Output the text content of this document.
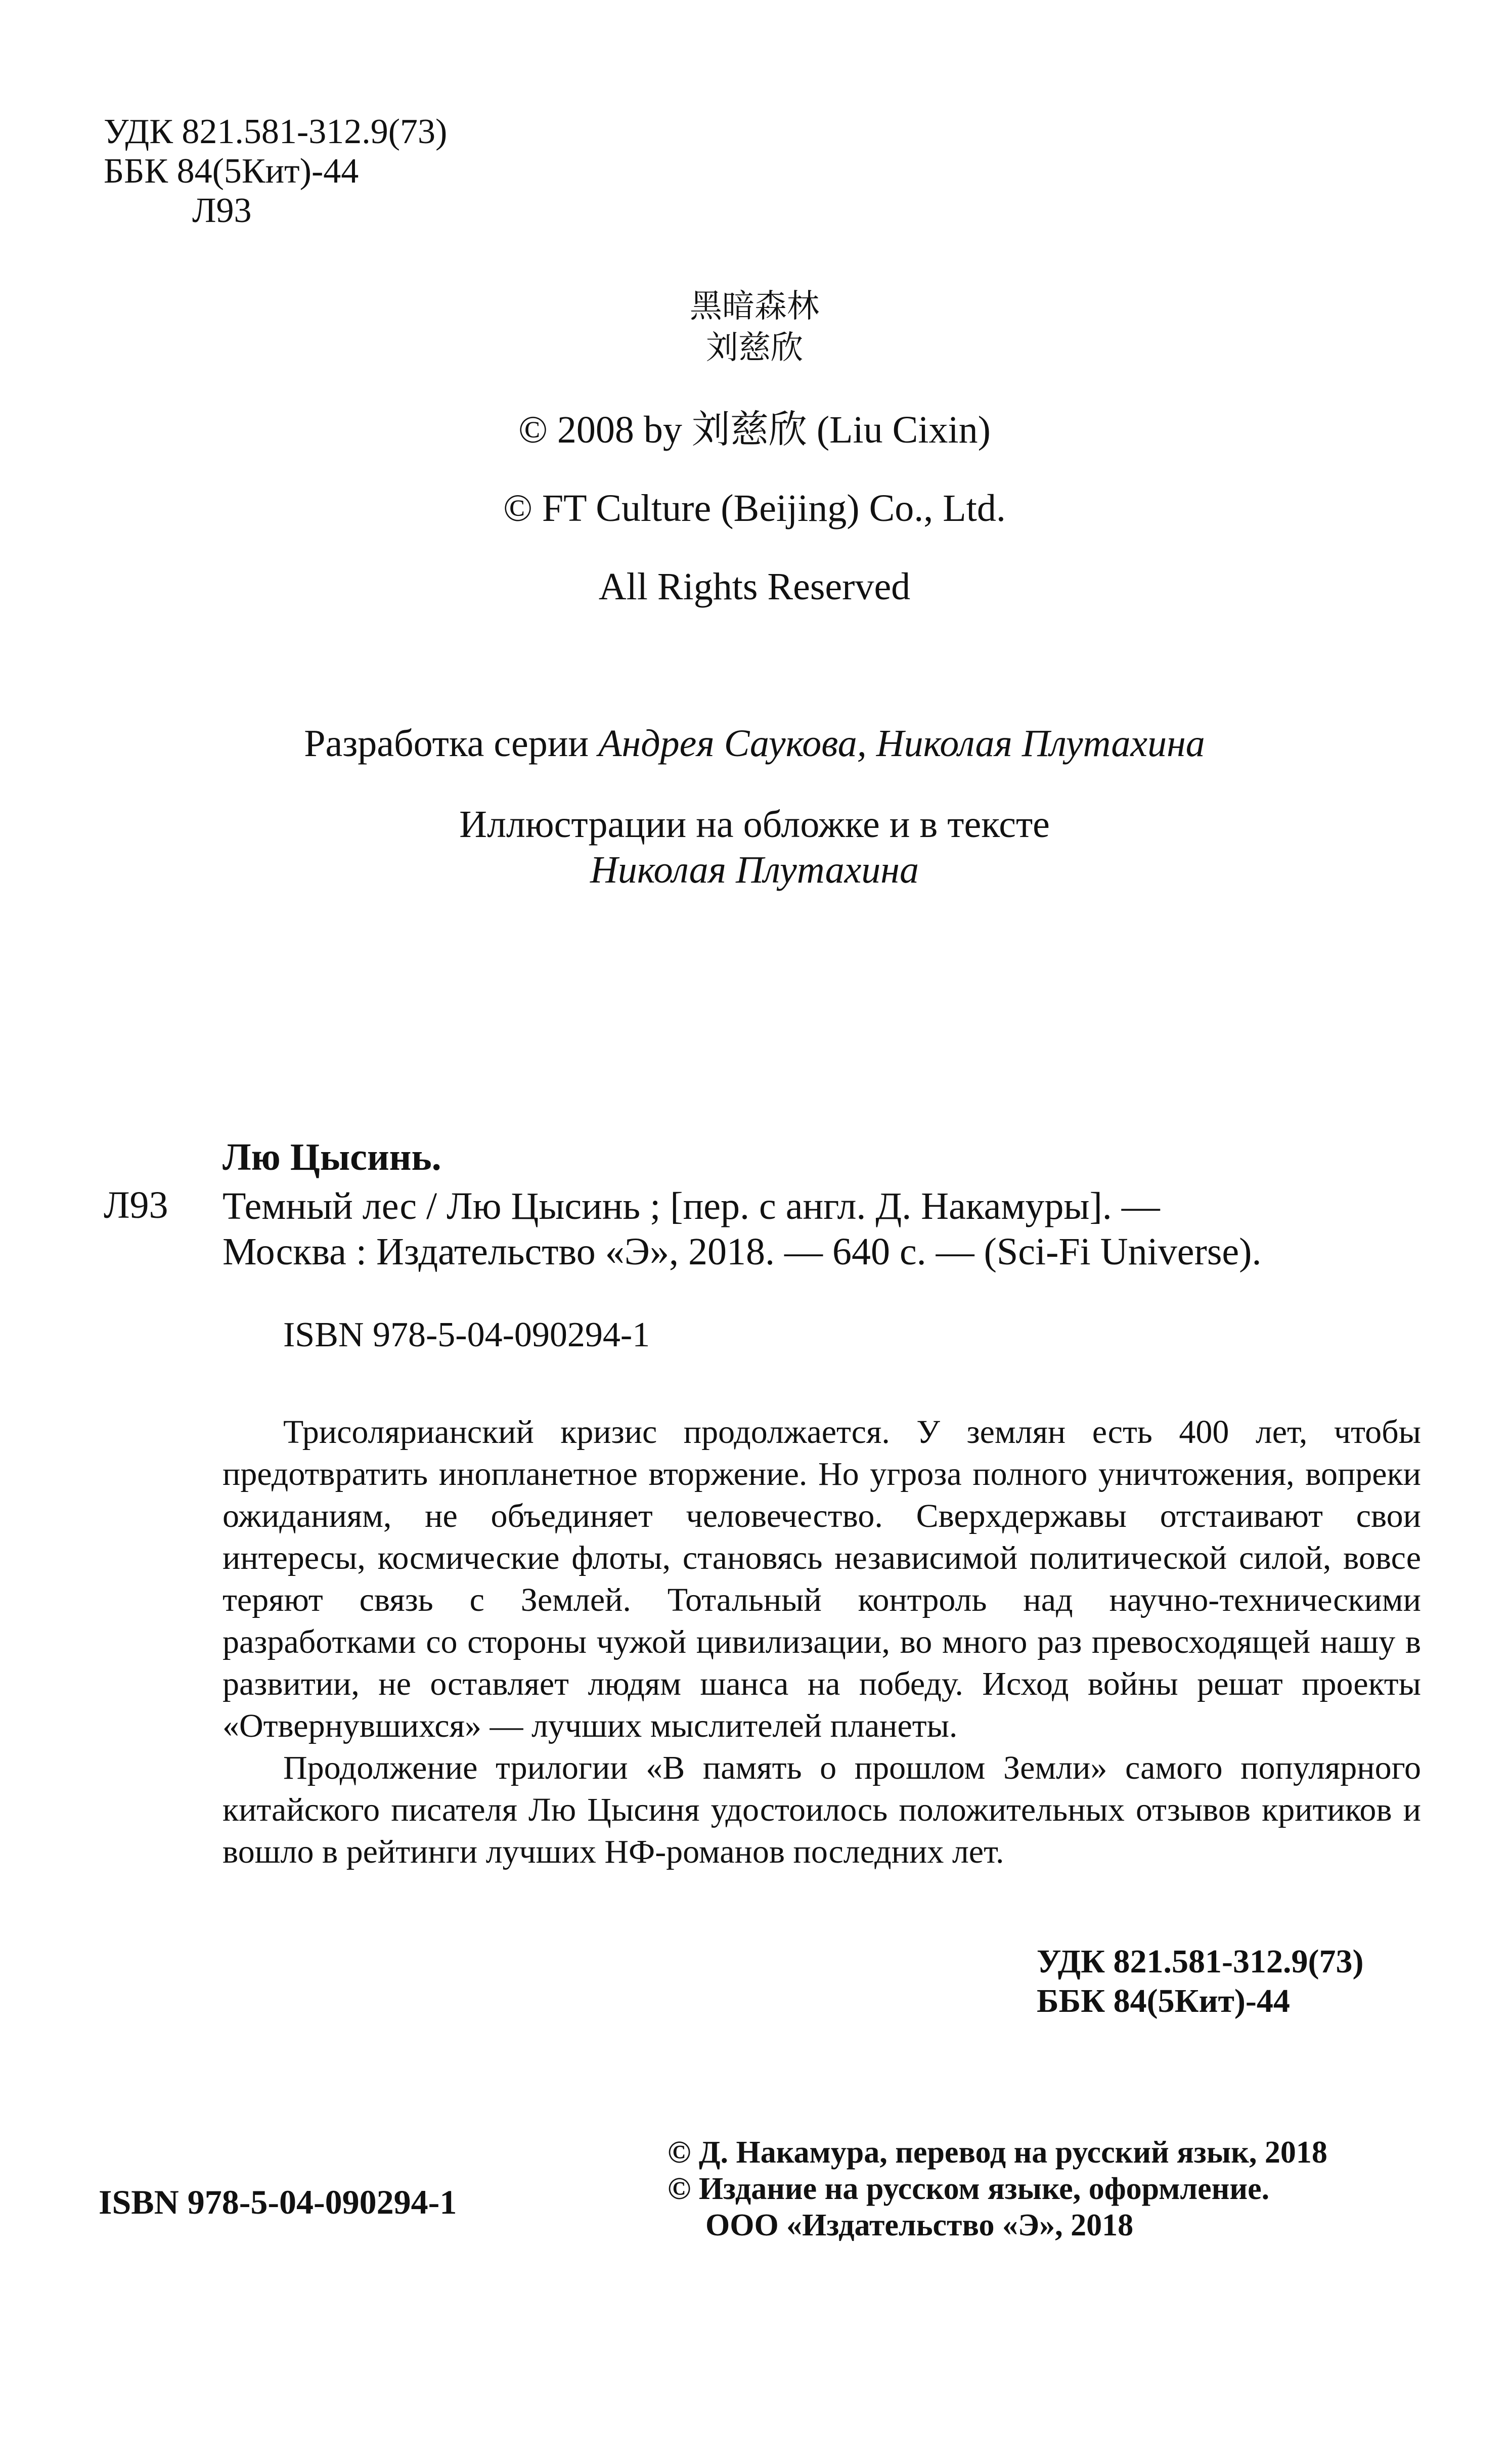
УДК 821.581-312.9(73)
ББК 84(5Кит)-44
Л93
黑暗森林
刘慈欣
© 2008 by 刘慈欣 (Liu Cixin)
© FT Culture (Beijing) Co., Ltd.
All Rights Reserved
Разработка серии Андрея Саукова, Николая Плутахина
Иллюстрации на обложке и в тексте
Николая Плутахина
Лю Цысинь.
Л93 Темный лес / Лю Цысинь ; [пер. с англ. Д. Накамуры]. —
Москва : Издательство «Э», 2018. — 640 с. — (Sci-Fi Universe).
ISBN 978-5-04-090294-1

Трисолярианский кризис продолжается. У землян есть 400 лет, чтобы предотвратить инопланетное вторжение. Но угроза полного уничтожения, вопреки ожиданиям, не объединяет человечество. Сверхдержавы отстаивают свои интересы, космические флоты, становясь независимой политической силой, вовсе теряют связь с Землей. Тотальный контроль над научно-техническими разработками со стороны чужой цивилизации, во много раз превосходящей нашу в развитии, не оставляет людям шанса на победу. Исход войны решат проекты «Отвернувшихся» — лучших мыслителей планеты.

Продолжение трилогии «В память о прошлом Земли» самого популярного китайского писателя Лю Цысиня удостоилось положительных отзывов критиков и вошло в рейтинги лучших НФ-романов последних лет.

УДК 821.581-312.9(73)
ББК 84(5Кит)-44
© Д. Накамура, перевод на русский язык, 2018
© Издание на русском языке, оформление.
ООО «Издательство «Э», 2018
ISBN 978-5-04-090294-1
